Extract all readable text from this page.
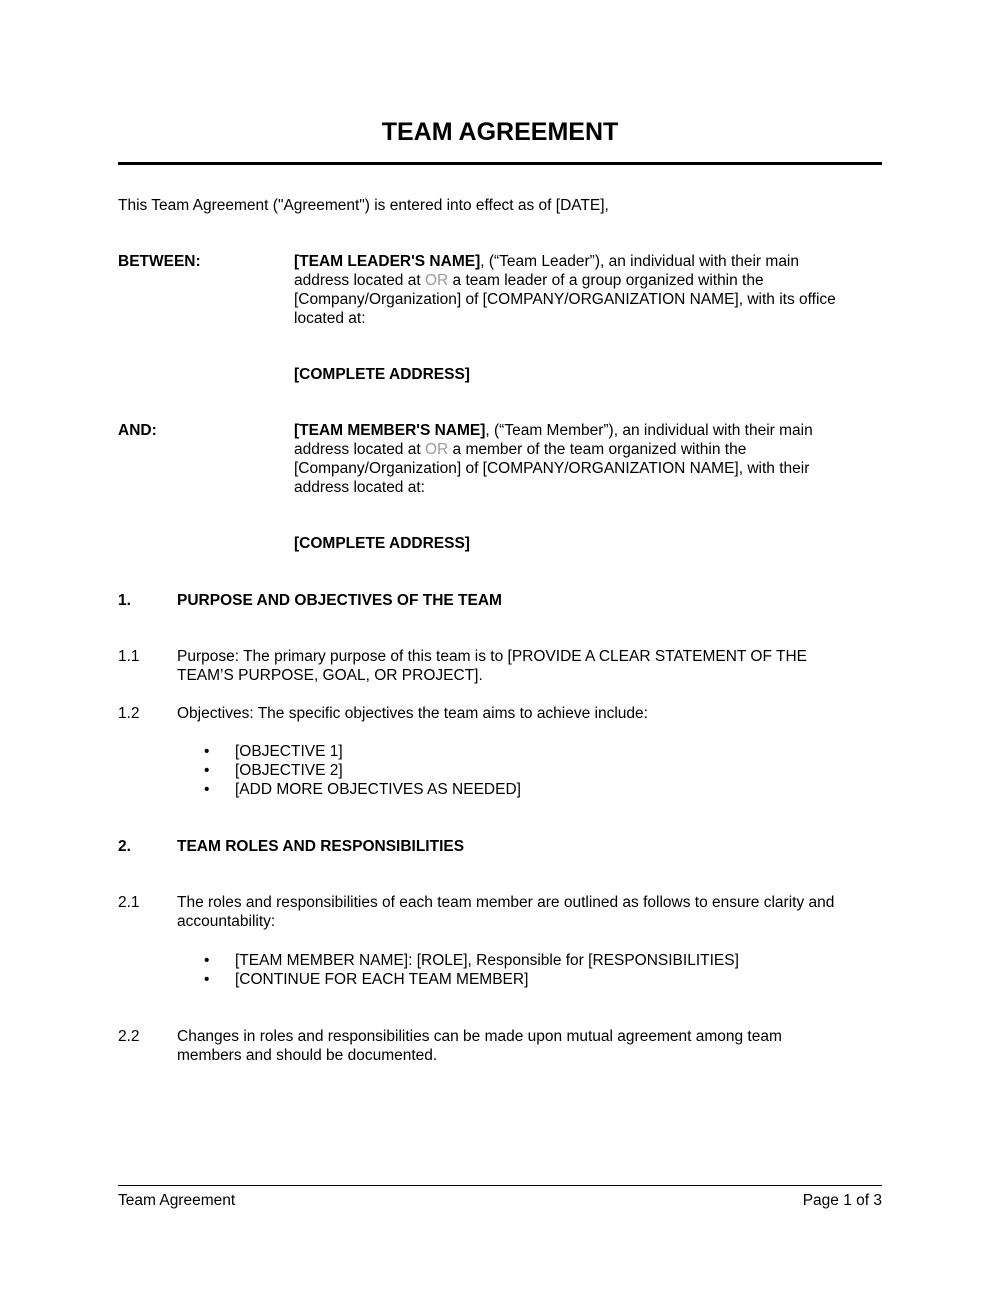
TEAM AGREEMENT
This Team Agreement ("Agreement") is entered into effect as of [DATE],
BETWEEN:	[TEAM LEADER'S NAME], (“Team Leader”), an individual with their main
address located at OR a team leader of a group organized within the
[Company/Organization] of [COMPANY/ORGANIZATION NAME], with its office
located at:
[COMPLETE ADDRESS]
AND:	[TEAM MEMBER'S NAME], (“Team Member”), an individual with their main
address located at OR a member of the team organized within the
[Company/Organization] of [COMPANY/ORGANIZATION NAME], with their
address located at:
[COMPLETE ADDRESS]
1.	PURPOSE AND OBJECTIVES OF THE TEAM
1.1 Purpose: The primary purpose of this team is to [PROVIDE A CLEAR STATEMENT OF THE
TEAM’S PURPOSE, GOAL, OR PROJECT].
1.2 Objectives: The specific objectives the team aims to achieve include:
• [OBJECTIVE 1]
• [OBJECTIVE 2]
• [ADD MORE OBJECTIVES AS NEEDED]
2.	TEAM ROLES AND RESPONSIBILITIES
2.1 The roles and responsibilities of each team member are outlined as follows to ensure clarity and
accountability:
• [TEAM MEMBER NAME]: [ROLE], Responsible for [RESPONSIBILITIES]
• [CONTINUE FOR EACH TEAM MEMBER]
2.2 Changes in roles and responsibilities can be made upon mutual agreement among team
members and should be documented.
Team Agreement	Page 1 of 3
